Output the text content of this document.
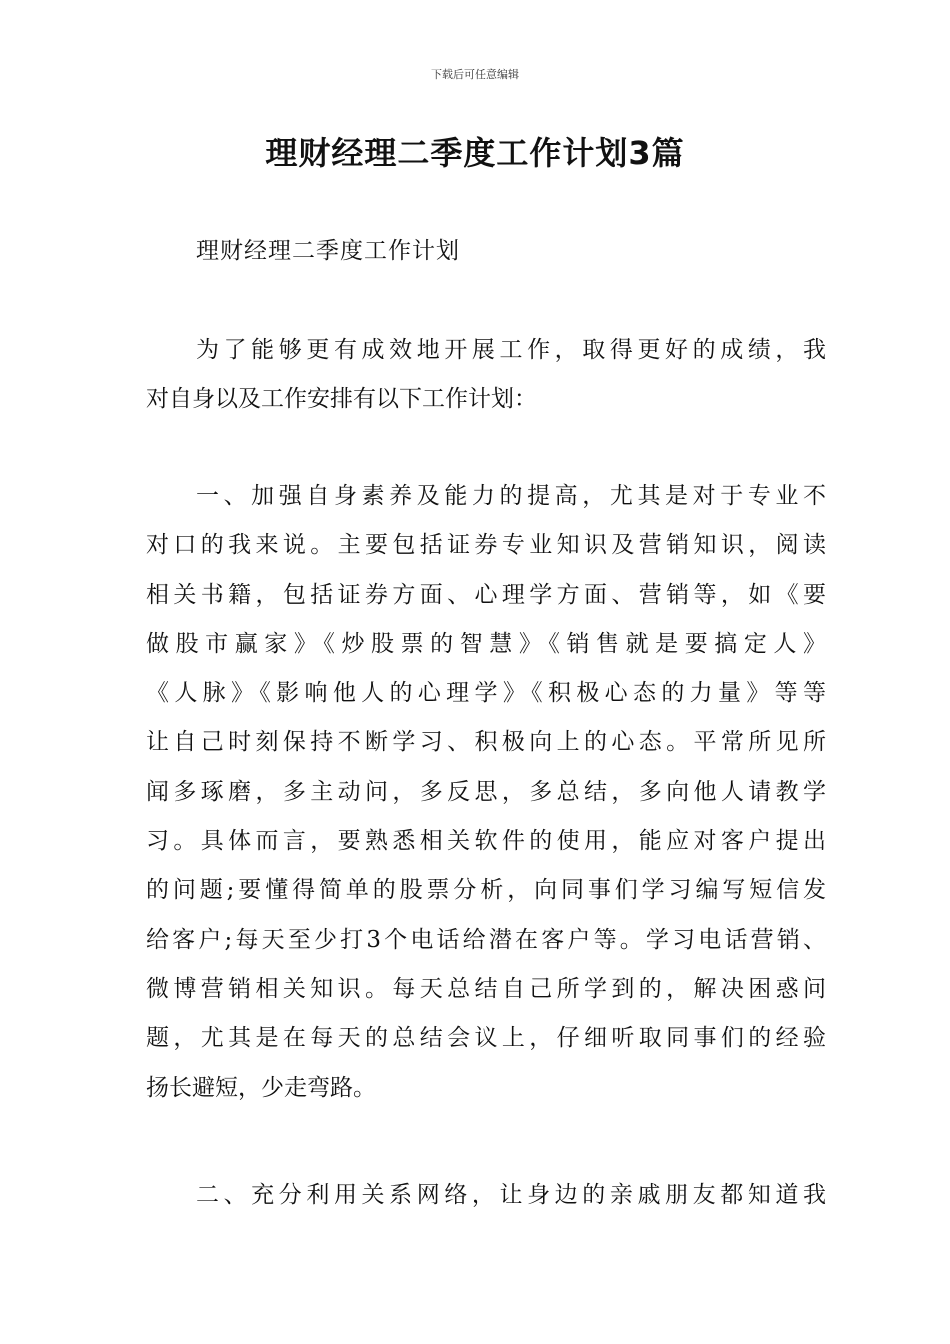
下载后可任意编辑
理财经理二季度工作计划3篇
理财经理二季度工作计划
为了能够更有成效地开展工作，取得更好的成绩，我
对自身以及工作安排有以下工作计划：
一、加强自身素养及能力的提高，尤其是对于专业不
对口的我来说。主要包括证券专业知识及营销知识，阅读
相关书籍，包括证券方面、心理学方面、营销等，如《要
做股市赢家》《炒股票的智慧》《销售就是要搞定人》
《人脉》《影响他人的心理学》《积极心态的力量》等等
让自己时刻保持不断学习、积极向上的心态。平常所见所
闻多琢磨，多主动问，多反思，多总结，多向他人请教学
习。具体而言，要熟悉相关软件的使用，能应对客户提出
的问题;要懂得简单的股票分析，向同事们学习编写短信发
给客户;每天至少打3个电话给潜在客户等。学习电话营销、
微博营销相关知识。每天总结自己所学到的，解决困惑问
题，尤其是在每天的总结会议上，仔细听取同事们的经验
扬长避短，少走弯路。
二、充分利用关系网络，让身边的亲戚朋友都知道我
